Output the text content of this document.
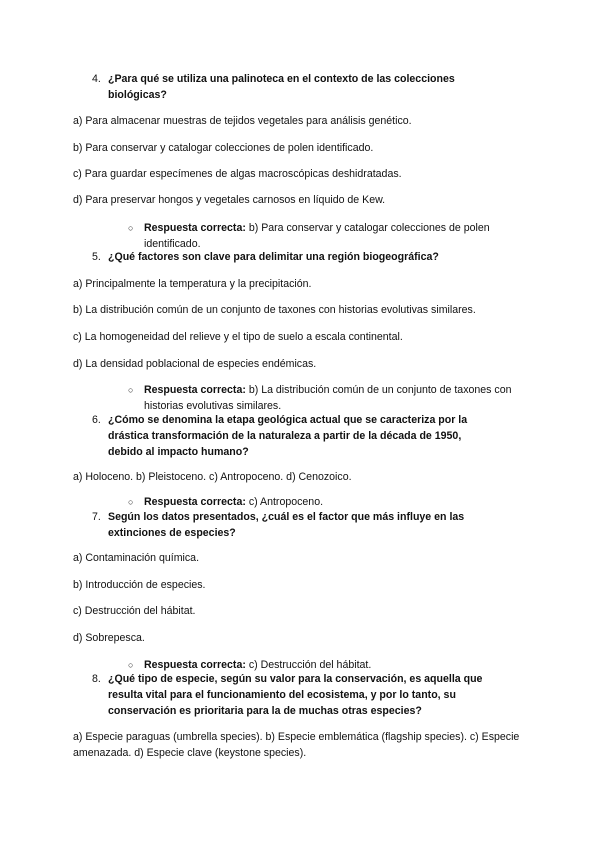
4. ¿Para qué se utiliza una palinoteca en el contexto de las colecciones biológicas?
a) Para almacenar muestras de tejidos vegetales para análisis genético.
b) Para conservar y catalogar colecciones de polen identificado.
c) Para guardar especímenes de algas macroscópicas deshidratadas.
d) Para preservar hongos y vegetales carnosos en líquido de Kew.
○ Respuesta correcta: b) Para conservar y catalogar colecciones de polen identificado.
5. ¿Qué factores son clave para delimitar una región biogeográfica?
a) Principalmente la temperatura y la precipitación.
b) La distribución común de un conjunto de taxones con historias evolutivas similares.
c) La homogeneidad del relieve y el tipo de suelo a escala continental.
d) La densidad poblacional de especies endémicas.
○ Respuesta correcta: b) La distribución común de un conjunto de taxones con historias evolutivas similares.
6. ¿Cómo se denomina la etapa geológica actual que se caracteriza por la drástica transformación de la naturaleza a partir de la década de 1950, debido al impacto humano?
a) Holoceno. b) Pleistoceno. c) Antropoceno. d) Cenozoico.
○ Respuesta correcta: c) Antropoceno.
7. Según los datos presentados, ¿cuál es el factor que más influye en las extinciones de especies?
a) Contaminación química.
b) Introducción de especies.
c) Destrucción del hábitat.
d) Sobrepesca.
○ Respuesta correcta: c) Destrucción del hábitat.
8. ¿Qué tipo de especie, según su valor para la conservación, es aquella que resulta vital para el funcionamiento del ecosistema, y por lo tanto, su conservación es prioritaria para la de muchas otras especies?
a) Especie paraguas (umbrella species). b) Especie emblemática (flagship species). c) Especie amenazada. d) Especie clave (keystone species).
